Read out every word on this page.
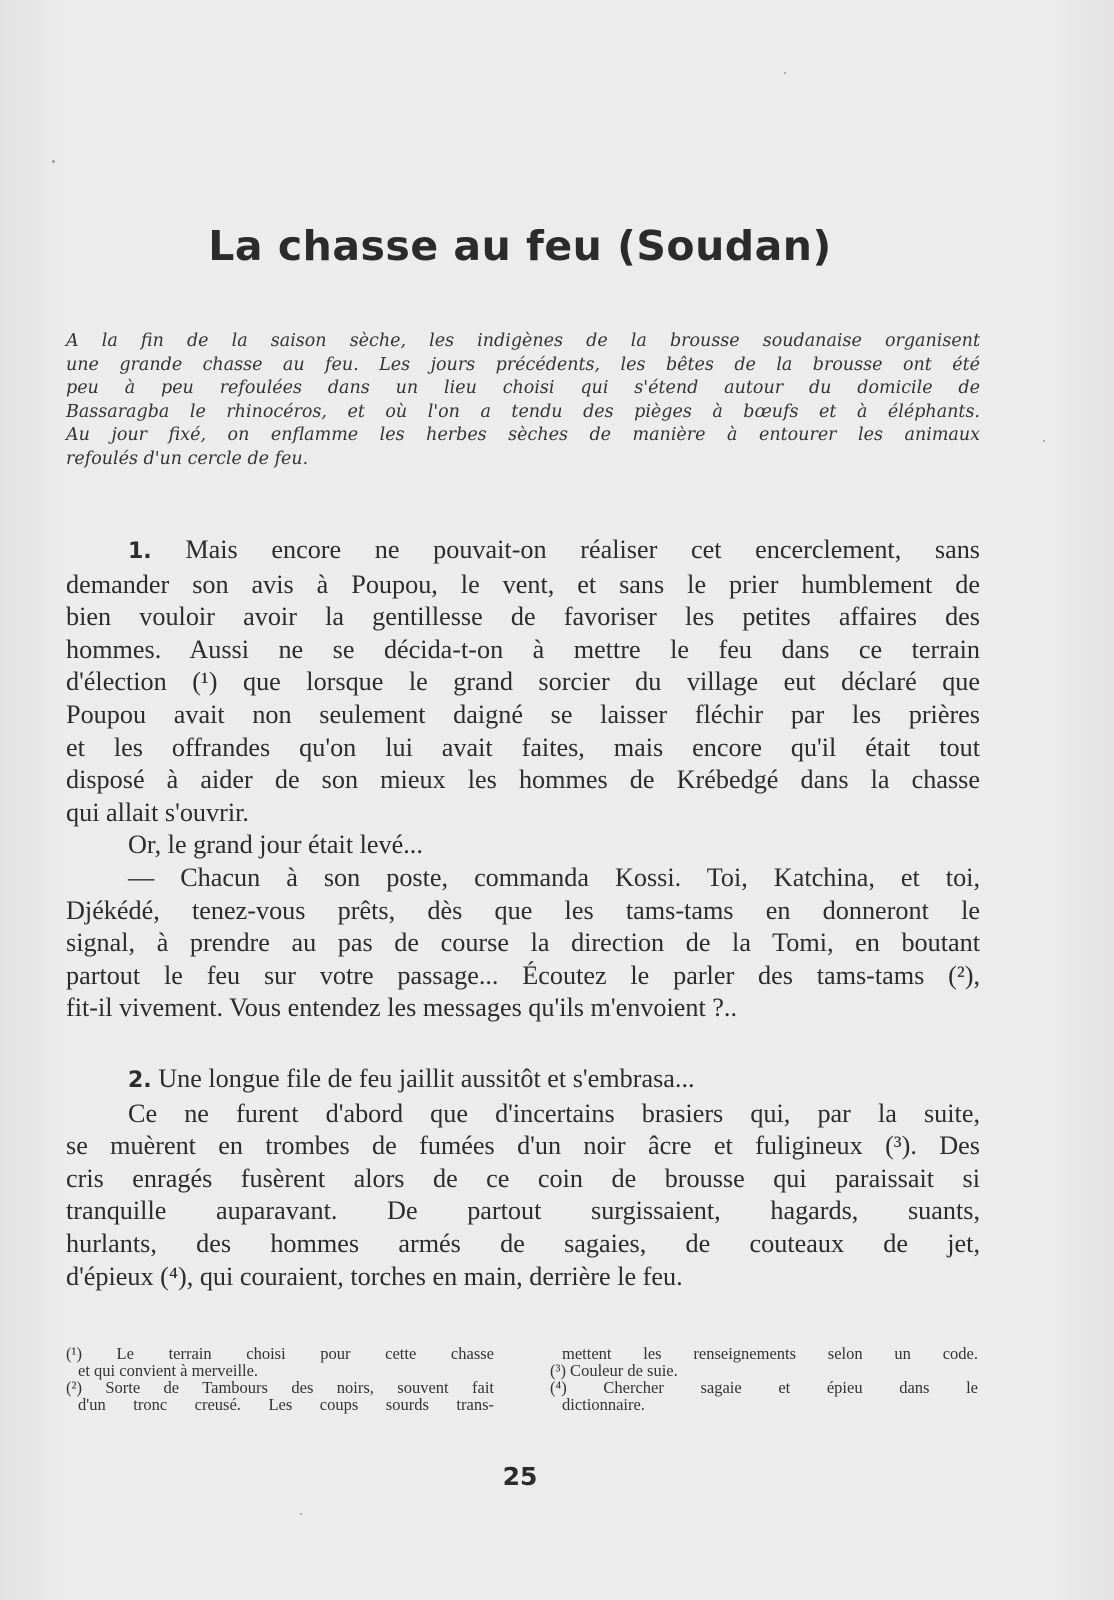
La chasse au feu (Soudan)
A la fin de la saison sèche, les indigènes de la brousse soudanaise organisent
une grande chasse au feu. Les jours précédents, les bêtes de la brousse ont été
peu à peu refoulées dans un lieu choisi qui s'étend autour du domicile de
Bassaragba le rhinocéros, et où l'on a tendu des pièges à bœufs et à éléphants.
Au jour fixé, on enflamme les herbes sèches de manière à entourer les animaux
refoulés d'un cercle de feu.
1. Mais encore ne pouvait-on réaliser cet encerclement, sans
demander son avis à Poupou, le vent, et sans le prier humblement de
bien vouloir avoir la gentillesse de favoriser les petites affaires des
hommes. Aussi ne se décida-t-on à mettre le feu dans ce terrain
d'élection (¹) que lorsque le grand sorcier du village eut déclaré que
Poupou avait non seulement daigné se laisser fléchir par les prières
et les offrandes qu'on lui avait faites, mais encore qu'il était tout
disposé à aider de son mieux les hommes de Krébedgé dans la chasse
qui allait s'ouvrir.
Or, le grand jour était levé...
— Chacun à son poste, commanda Kossi. Toi, Katchina, et toi,
Djékédé, tenez-vous prêts, dès que les tams-tams en donneront le
signal, à prendre au pas de course la direction de la Tomi, en boutant
partout le feu sur votre passage... Écoutez le parler des tams-tams (²),
fit-il vivement. Vous entendez les messages qu'ils m'envoient ?..
2. Une longue file de feu jaillit aussitôt et s'embrasa...
Ce ne furent d'abord que d'incertains brasiers qui, par la suite,
se muèrent en trombes de fumées d'un noir âcre et fuligineux (³). Des
cris enragés fusèrent alors de ce coin de brousse qui paraissait si
tranquille auparavant. De partout surgissaient, hagards, suants,
hurlants, des hommes armés de sagaies, de couteaux de jet,
d'épieux (⁴), qui couraient, torches en main, derrière le feu.
(¹) Le terrain choisi pour cette chasse
et qui convient à merveille.
(²) Sorte de Tambours des noirs, souvent fait
d'un tronc creusé. Les coups sourds trans-
mettent les renseignements selon un code.
(³) Couleur de suie.
(⁴) Chercher sagaie et épieu dans le
dictionnaire.
25
